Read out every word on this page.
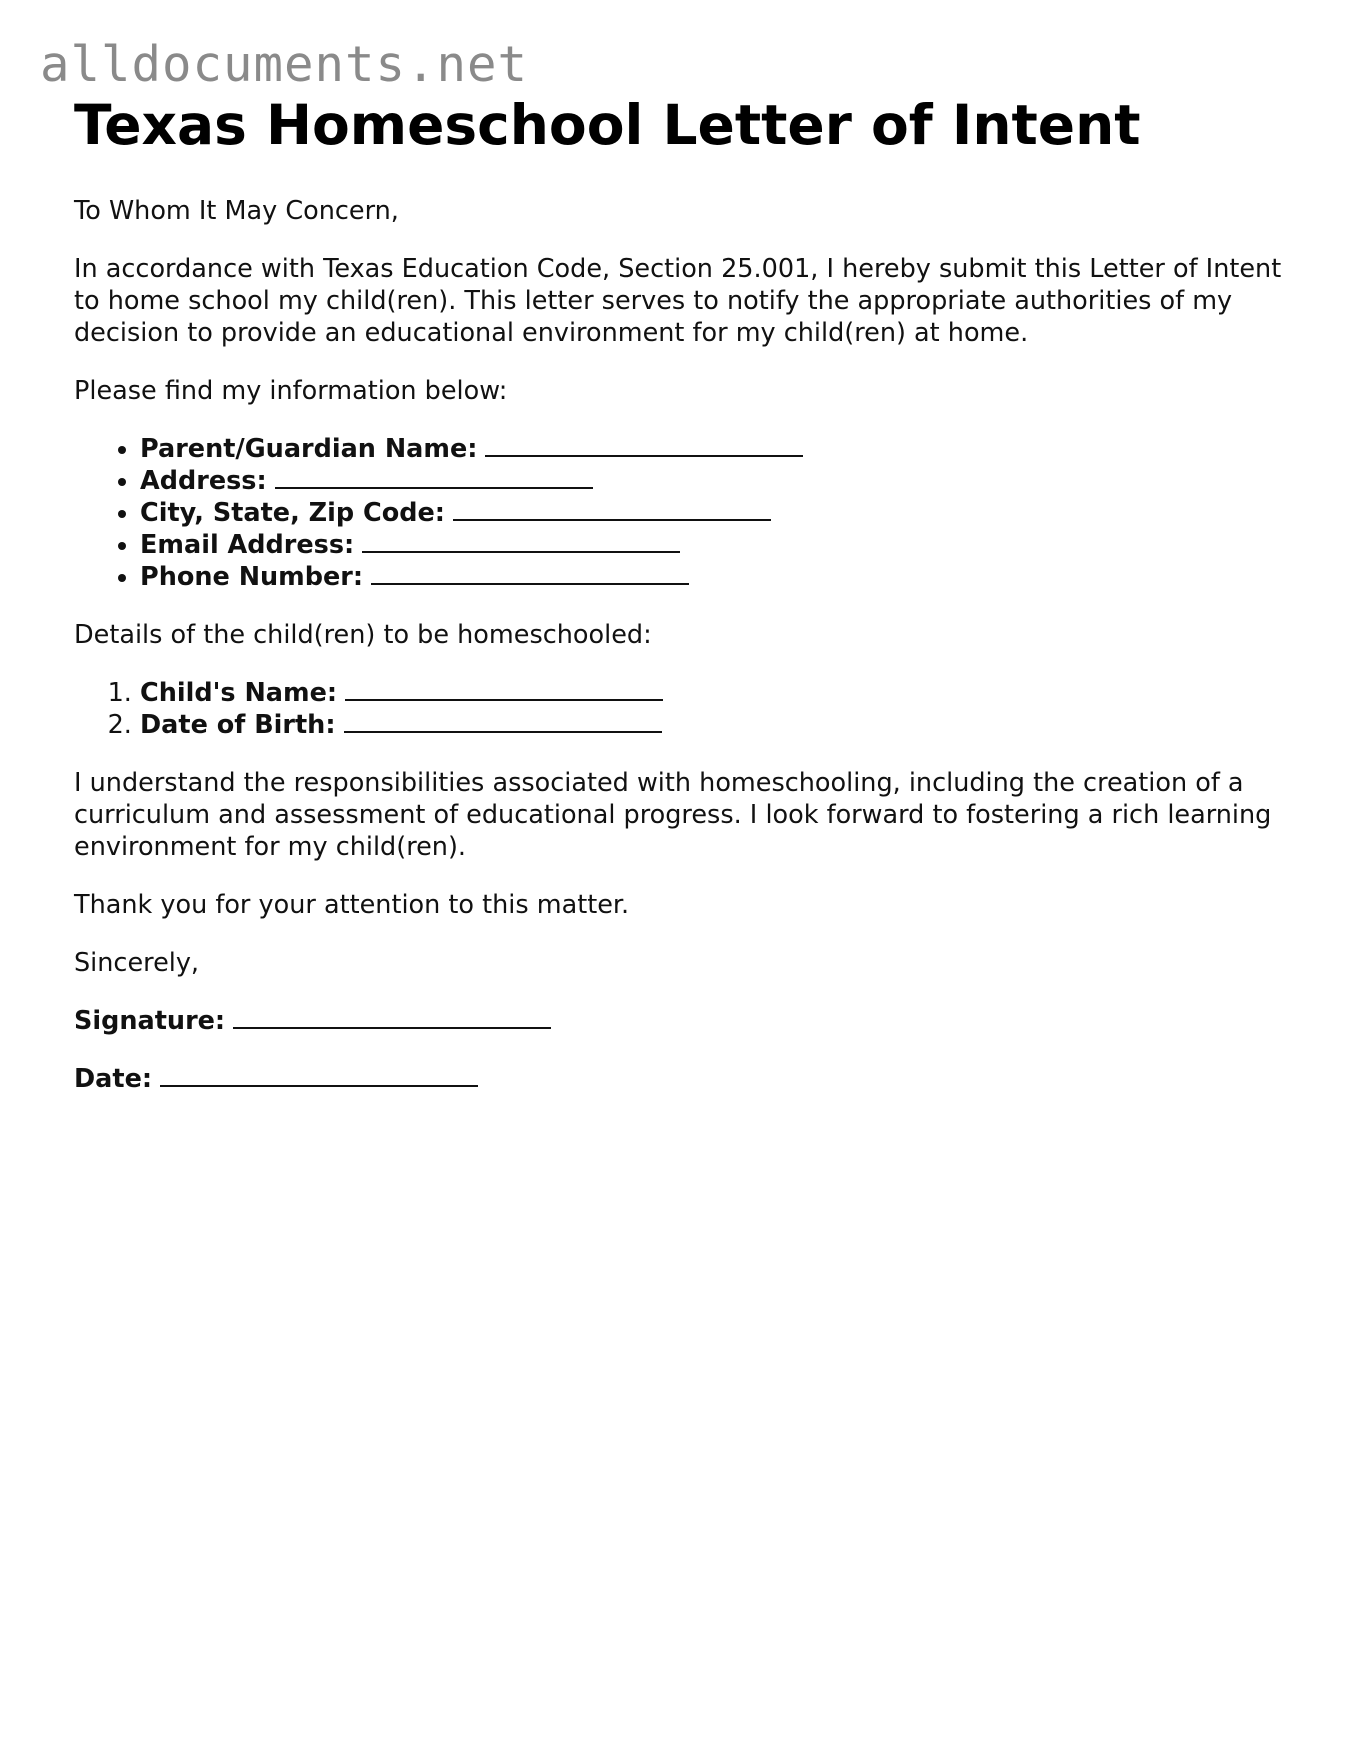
alldocuments.net
Texas Homeschool Letter of Intent

To Whom It May Concern,

In accordance with Texas Education Code, Section 25.001, I hereby submit this Letter of Intent to home school my child(ren). This letter serves to notify the appropriate authorities of my decision to provide an educational environment for my child(ren) at home.

Please find my information below:

• Parent/Guardian Name:
• Address:
• City, State, Zip Code:
• Email Address:
• Phone Number:

Details of the child(ren) to be homeschooled:

1. Child's Name:
2. Date of Birth:

I understand the responsibilities associated with homeschooling, including the creation of a curriculum and assessment of educational progress. I look forward to fostering a rich learning environment for my child(ren).

Thank you for your attention to this matter.

Sincerely,

Signature:

Date:
